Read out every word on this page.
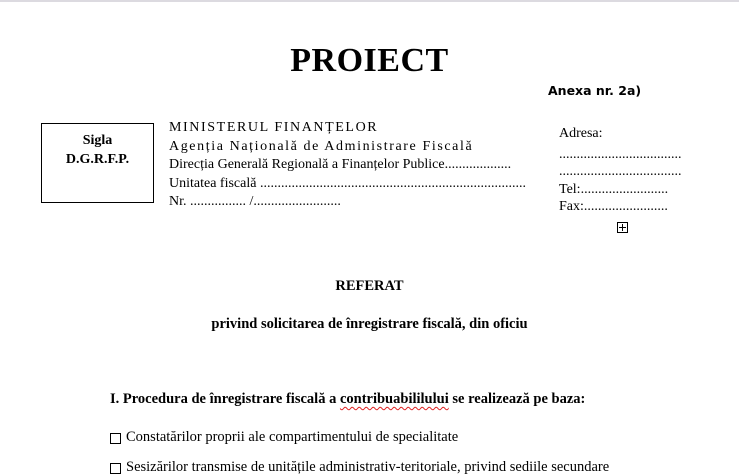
PROIECT
Anexa nr. 2a)
Sigla
D.G.R.F.P.
MINISTERUL FINANȚELOR
Agenția Națională de Administrare Fiscală
Direcția Generală Regională a Finanțelor Publice...................
Unitatea fiscală ............................................................................
Nr. ................ /.........................
Adresa:
...................................
...................................
Tel:.........................
Fax:........................
REFERAT
privind solicitarea de înregistrare fiscală, din oficiu
I. Procedura de înregistrare fiscală a contribuabililului se realizează pe baza:
Constatărilor proprii ale compartimentului de specialitate
Sesizărilor transmise de unitățile administrativ-teritoriale, privind sediile secundare
